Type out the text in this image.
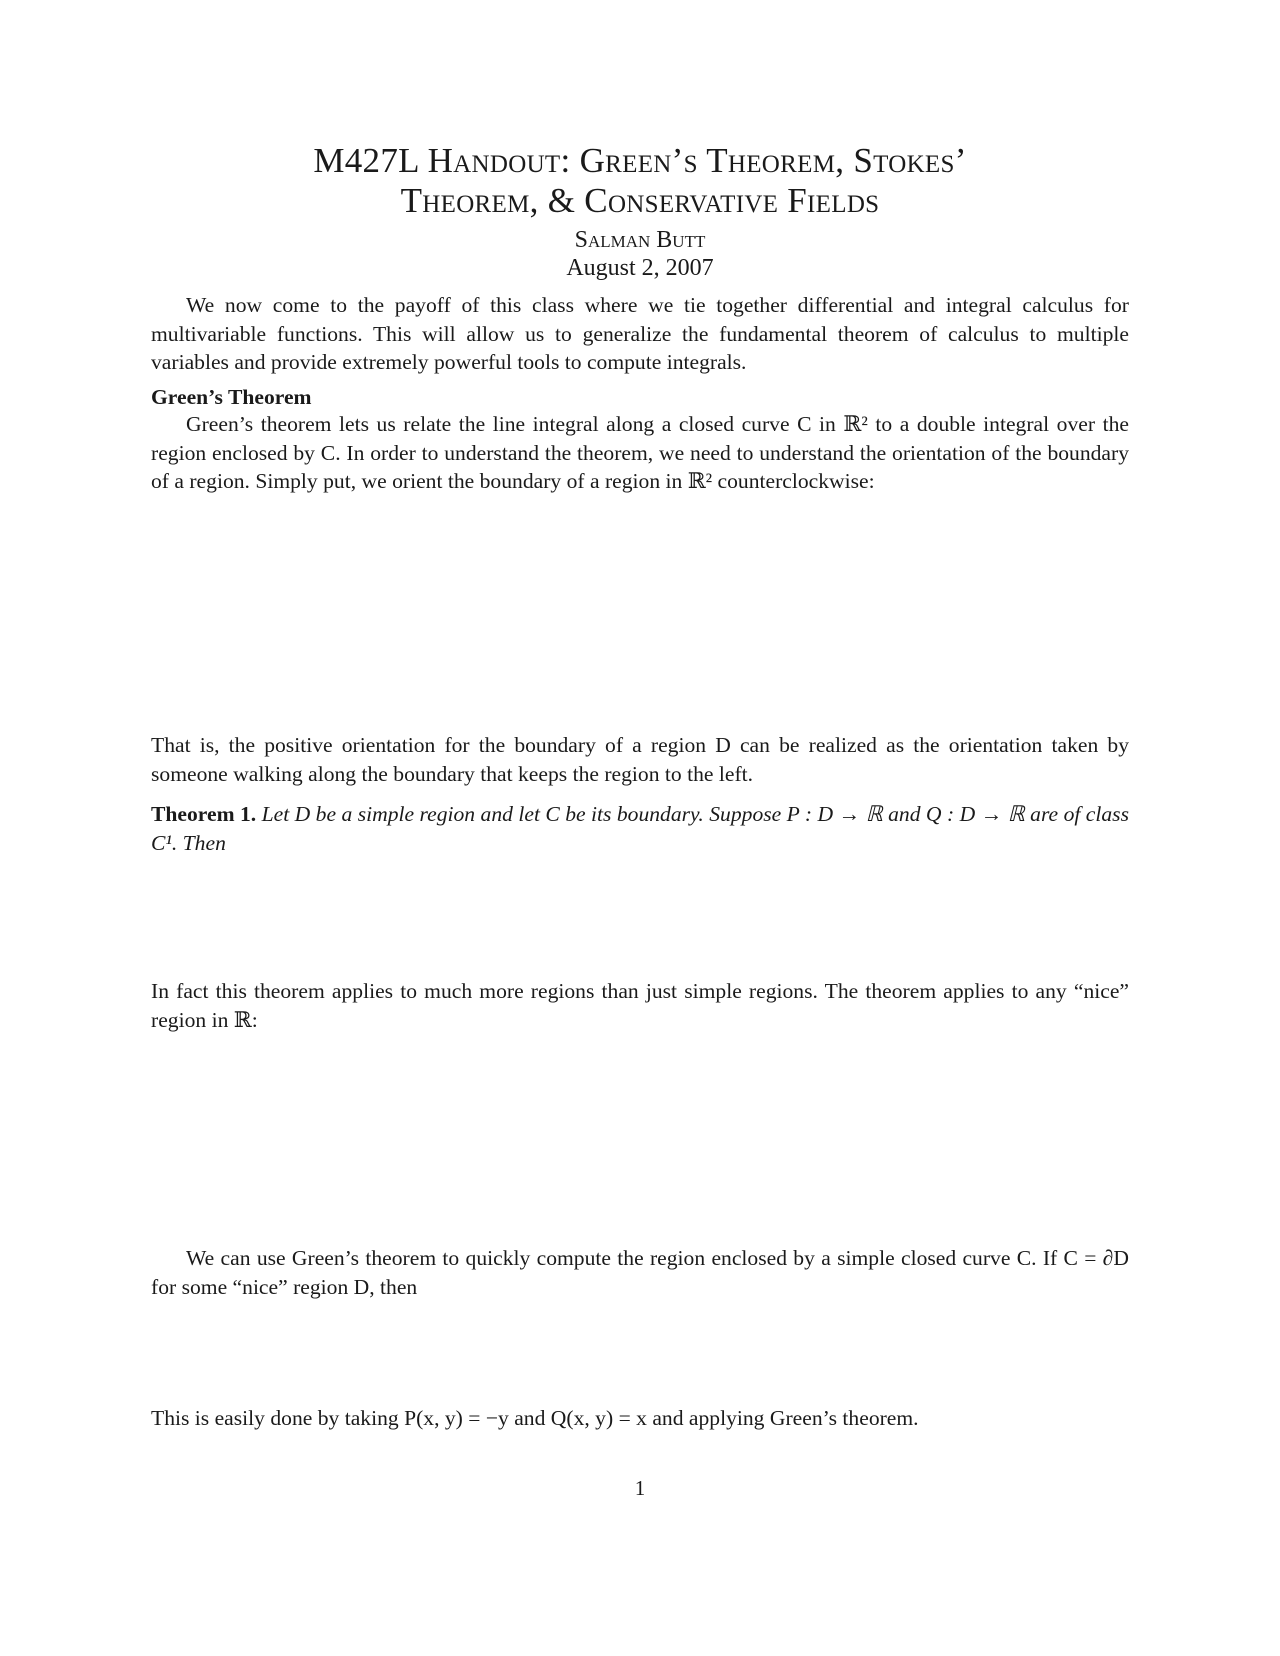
M427L Handout: Green’s Theorem, Stokes’
Theorem, & Conservative Fields
Salman Butt
August 2, 2007

We now come to the payoff of this class where we tie together differential and integral calculus for multivariable functions. This will allow us to generalize the fundamental theorem of calculus to multiple variables and provide extremely powerful tools to compute integrals.

Green’s Theorem

Green’s theorem lets us relate the line integral along a closed curve C in ℝ² to a double integral over the region enclosed by C. In order to understand the theorem, we need to understand the orientation of the boundary of a region. Simply put, we orient the boundary of a region in ℝ² counterclockwise:

That is, the positive orientation for the boundary of a region D can be realized as the orientation taken by someone walking along the boundary that keeps the region to the left.

Theorem 1. Let D be a simple region and let C be its boundary. Suppose P : D → ℝ and Q : D → ℝ are of class C¹. Then

In fact this theorem applies to much more regions than just simple regions. The theorem applies to any “nice” region in ℝ:

We can use Green’s theorem to quickly compute the region enclosed by a simple closed curve C. If C = ∂D for some “nice” region D, then

This is easily done by taking P(x, y) = −y and Q(x, y) = x and applying Green’s theorem.

1
